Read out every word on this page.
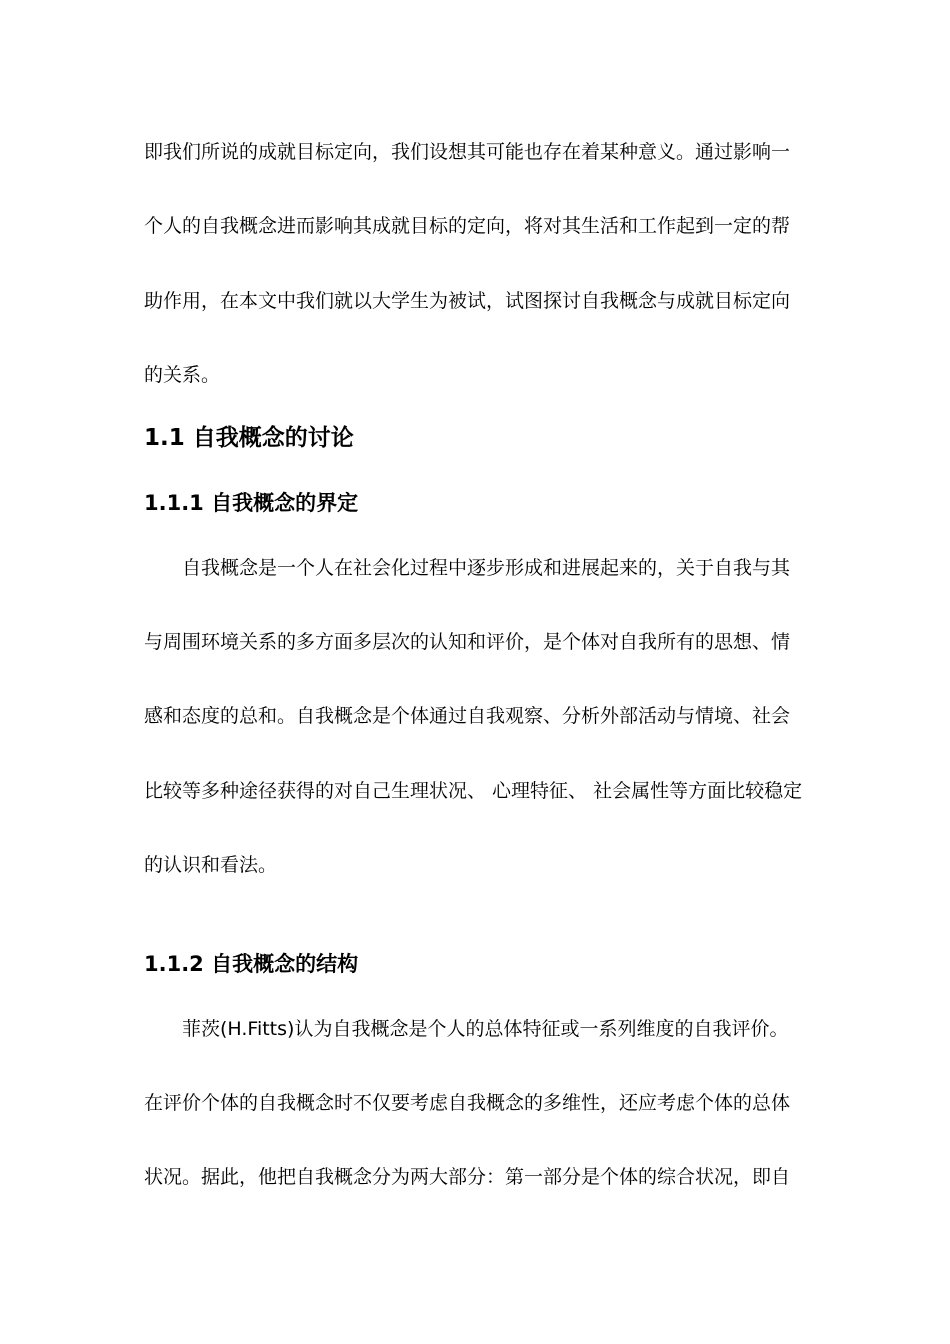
即我们所说的成就目标定向，我们设想其可能也存在着某种意义。通过影响一
个人的自我概念进而影响其成就目标的定向，将对其生活和工作起到一定的帮
助作用，在本文中我们就以大学生为被试，试图探讨自我概念与成就目标定向
的关系。
1.1 自我概念的讨论
1.1.1 自我概念的界定
自我概念是一个人在社会化过程中逐步形成和进展起来的，关于自我与其
与周围环境关系的多方面多层次的认知和评价，是个体对自我所有的思想、情
感和态度的总和。自我概念是个体通过自我观察、分析外部活动与情境、社会
比较等多种途径获得的对自己生理状况、 心理特征、 社会属性等方面比较稳定
的认识和看法。
1.1.2 自我概念的结构
菲茨(H.Fitts)认为自我概念是个人的总体特征或一系列维度的自我评价。
在评价个体的自我概念时不仅要考虑自我概念的多维性，还应考虑个体的总体
状况。据此，他把自我概念分为两大部分：第一部分是个体的综合状况，即自
